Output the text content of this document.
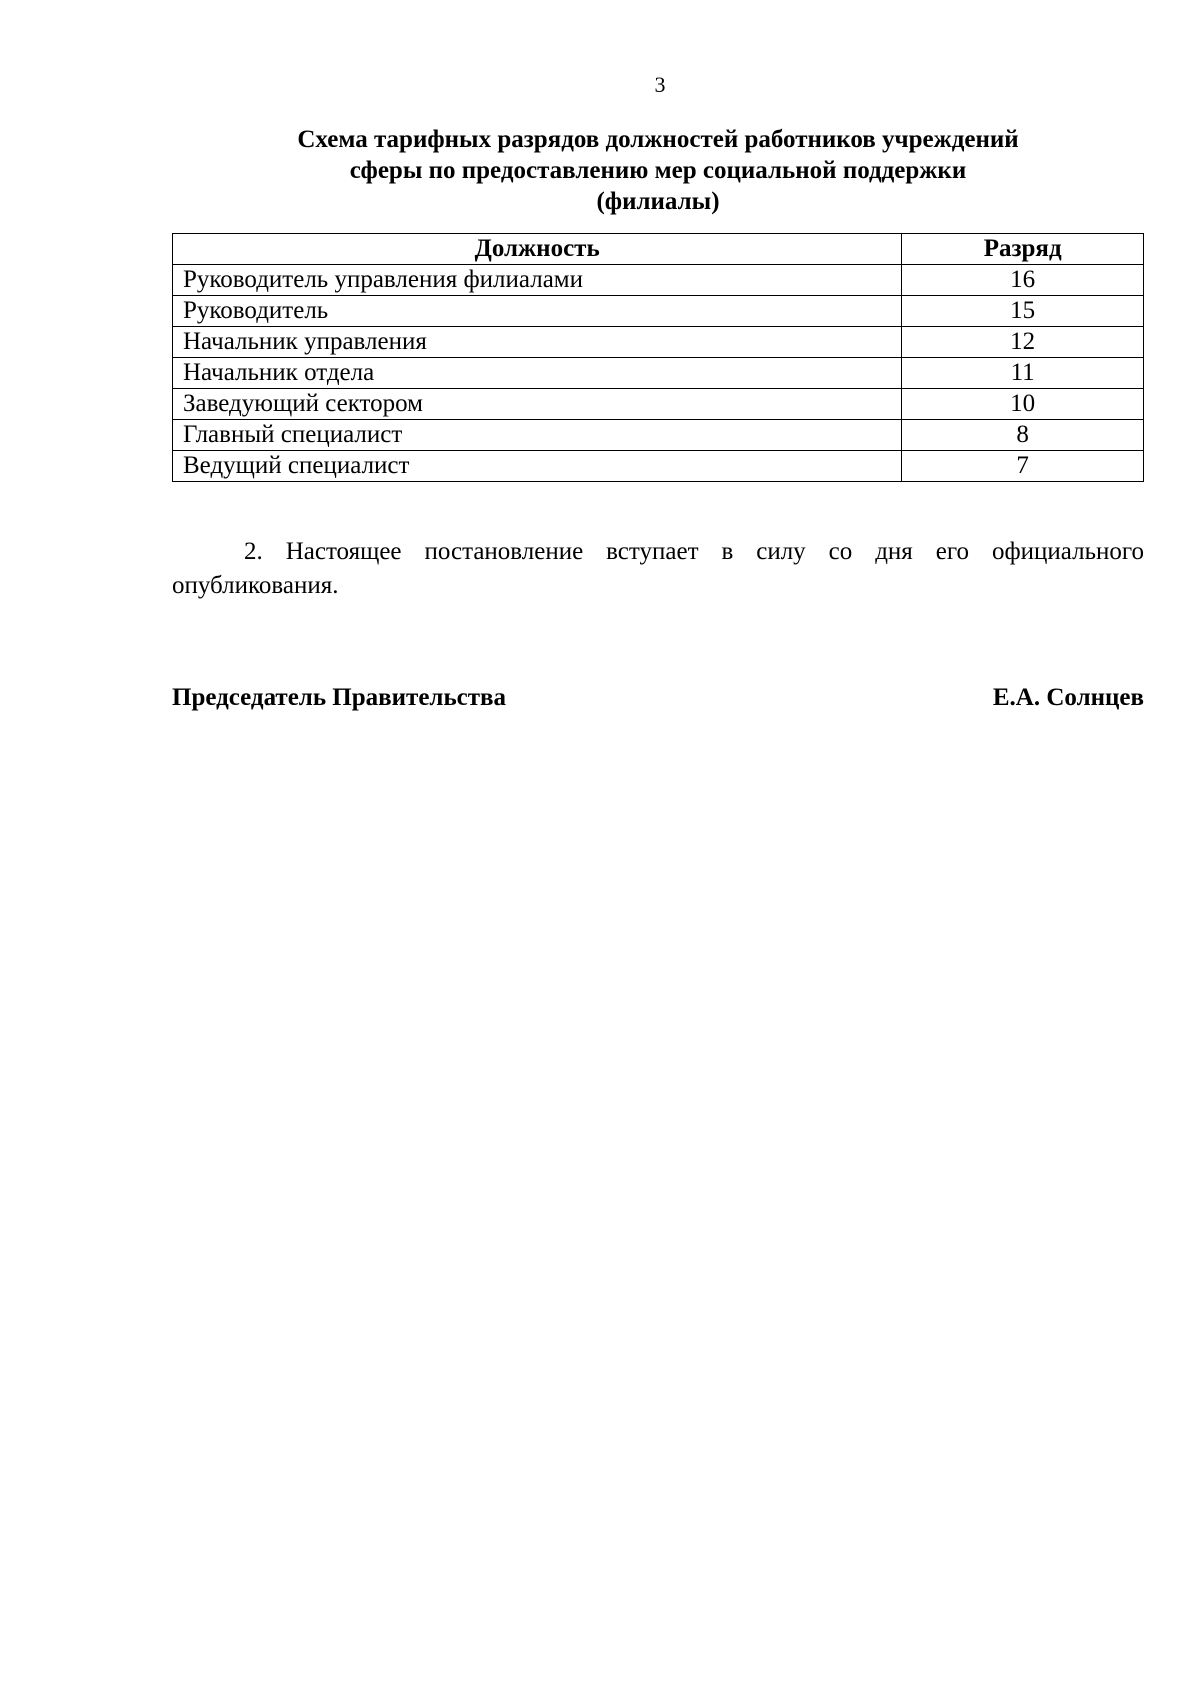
3
Схема тарифных разрядов должностей работников учреждений
сферы по предоставлению мер социальной поддержки
(филиалы)
Должность	Разряд
Руководитель управления филиалами	16
Руководитель	15
Начальник управления	12
Начальник отдела	11
Заведующий сектором	10
Главный специалист	8
Ведущий специалист	7
2. Настоящее постановление вступает в силу со дня его официального опубликования.
Председатель Правительства	Е.А. Солнцев
